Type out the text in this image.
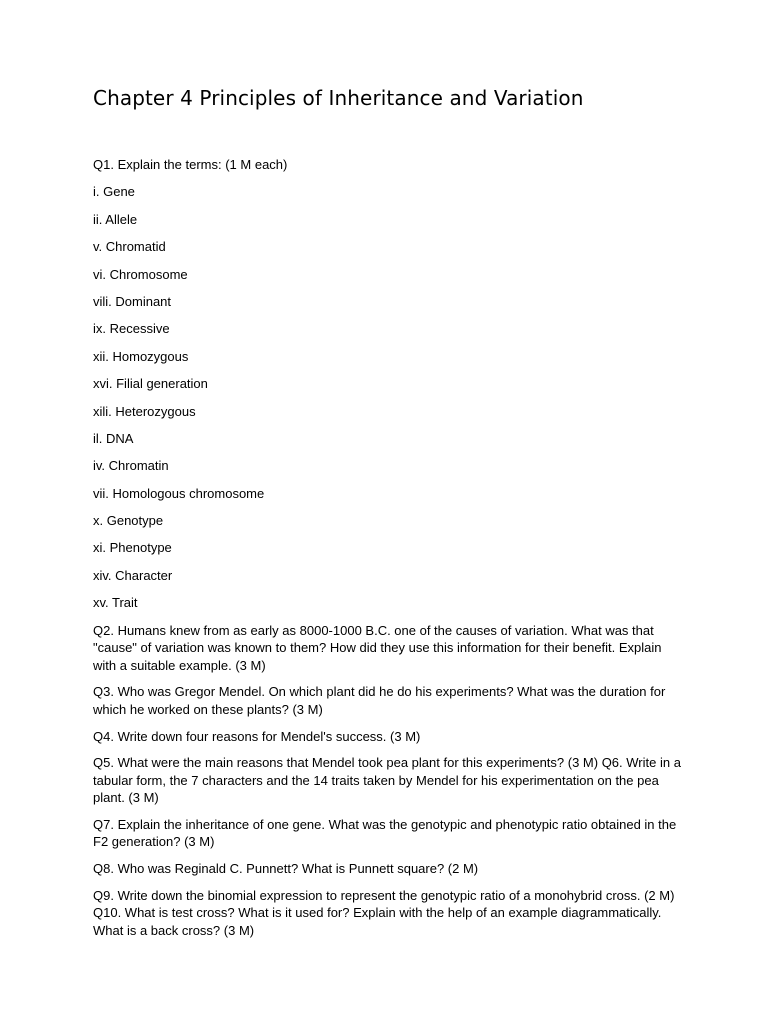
Chapter 4 Principles of Inheritance and Variation

Q1. Explain the terms: (1 M each)

i. Gene
ii. Allele
v. Chromatid
vi. Chromosome
vili. Dominant
ix. Recessive
xii. Homozygous
xvi. Filial generation
xili. Heterozygous
il. DNA
iv. Chromatin
vii. Homologous chromosome
x. Genotype
xi. Phenotype
xiv. Character
xv. Trait

Q2. Humans knew from as early as 8000-1000 B.C. one of the causes of variation. What was that "cause" of variation was known to them? How did they use this information for their benefit. Explain with a suitable example. (3 M)

Q3. Who was Gregor Mendel. On which plant did he do his experiments? What was the duration for which he worked on these plants? (3 M)

Q4. Write down four reasons for Mendel's success. (3 M)

Q5. What were the main reasons that Mendel took pea plant for this experiments? (3 M) Q6. Write in a tabular form, the 7 characters and the 14 traits taken by Mendel for his experimentation on the pea plant. (3 M)

Q7. Explain the inheritance of one gene. What was the genotypic and phenotypic ratio obtained in the F2 generation? (3 M)

Q8. Who was Reginald C. Punnett? What is Punnett square? (2 M)

Q9. Write down the binomial expression to represent the genotypic ratio of a monohybrid cross. (2 M) Q10. What is test cross? What is it used for? Explain with the help of an example diagrammatically. What is a back cross? (3 M)
